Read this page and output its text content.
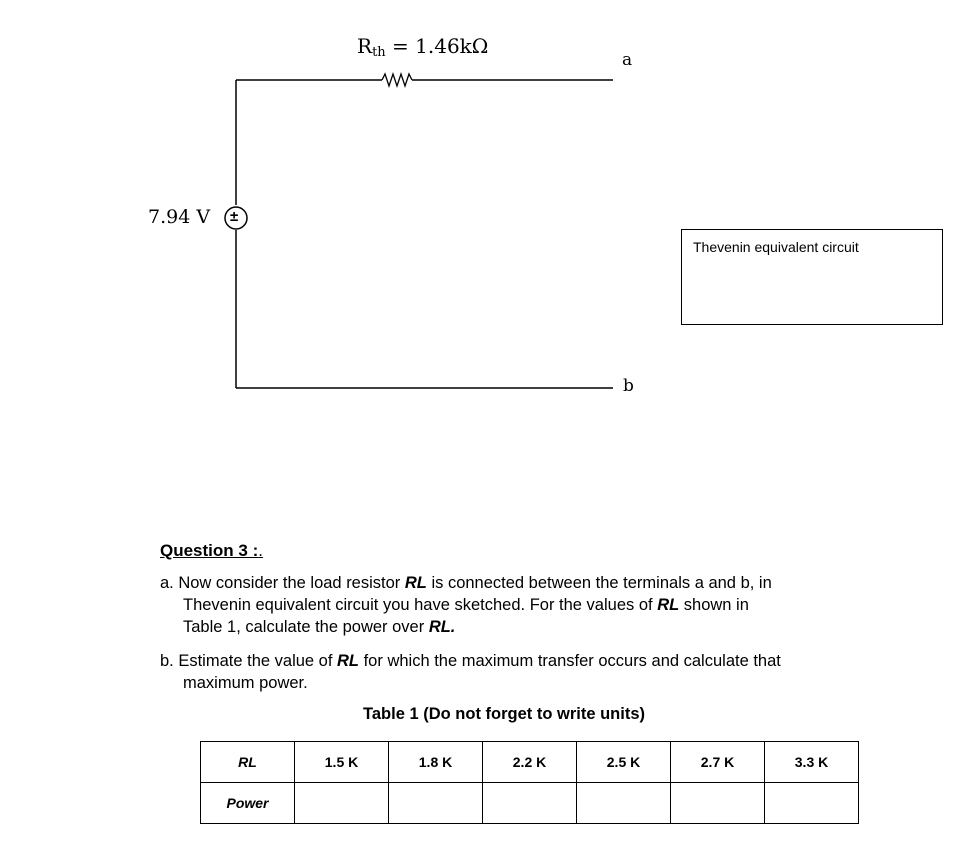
±
$R_{th} = 1.46k\Omega$
a
b
7.94 V
Thevenin equivalent circuit
Question 3 :.
a. Now consider the load resistor RL is connected between the terminals a and b, in
Thevenin equivalent circuit you have sketched. For the values of RL shown in
Table 1, calculate the power over RL.
b. Estimate the value of RL for which the maximum transfer occurs and calculate that
maximum power.
Table 1 (Do not forget to write units)
RL	1.5 K	1.8 K	2.2 K	2.5 K	2.7 K	3.3 K
Power						
